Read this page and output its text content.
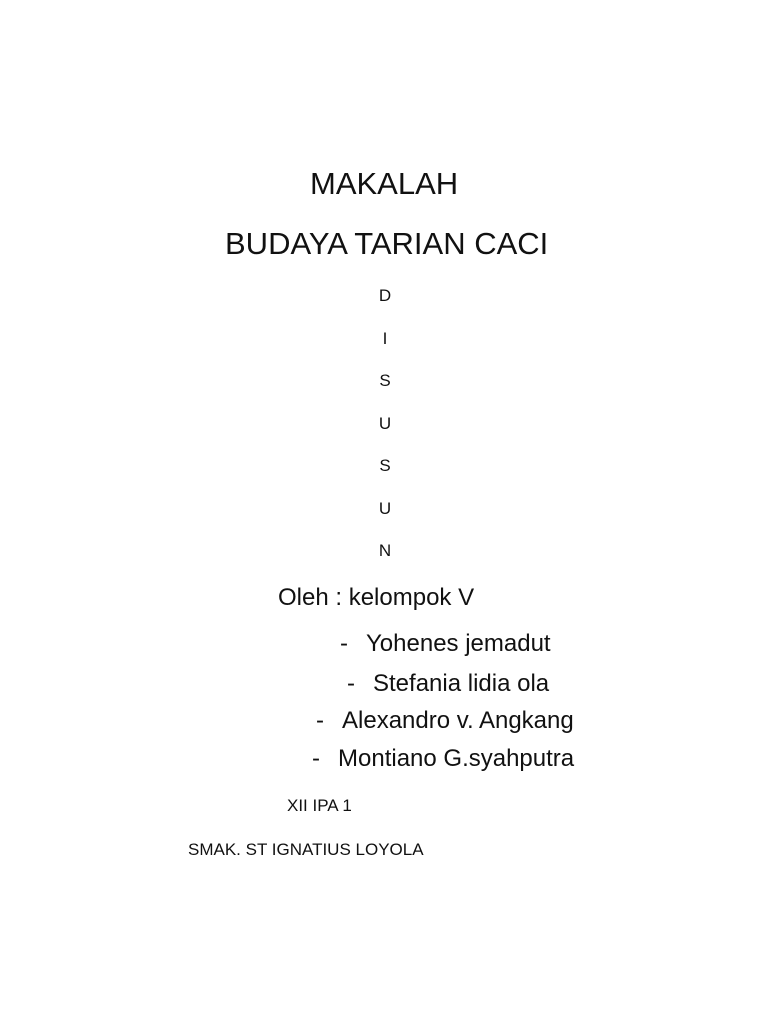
MAKALAH
BUDAYA TARIAN CACI
D
I
S
U
S
U
N
Oleh : kelompok V
- Yohenes jemadut
- Stefania lidia ola
- Alexandro v. Angkang
- Montiano G.syahputra
XII IPA 1
SMAK. ST IGNATIUS LOYOLA
